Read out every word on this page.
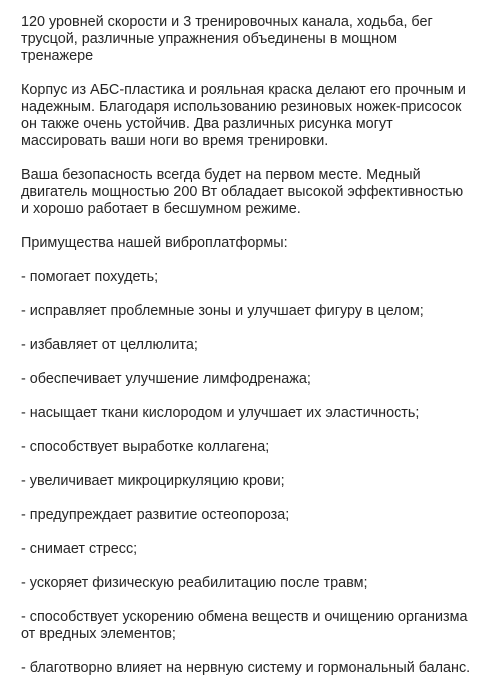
120 уровней скорости и 3 тренировочных канала, ходьба, бег трусцой, различные упражнения объединены в мощном тренажере

Корпус из АБС-пластика и рояльная краска делают его прочным и надежным. Благодаря использованию резиновых ножек-присосок он также очень устойчив. Два различных рисунка могут массировать ваши ноги во время тренировки.

Ваша безопасность всегда будет на первом месте. Медный двигатель мощностью 200 Вт обладает высокой эффективностью и хорошо работает в бесшумном режиме.

Примущества нашей виброплатформы:

- помогает похудеть;
- исправляет проблемные зоны и улучшает фигуру в целом;
- избавляет от целлюлита;
- обеспечивает улучшение лимфодренажа;
- насыщает ткани кислородом и улучшает их эластичность;
- способствует выработке коллагена;
- увеличивает микроциркуляцию крови;
- предупреждает развитие остеопороза;
- снимает стресс;
- ускоряет физическую реабилитацию после травм;
- способствует ускорению обмена веществ и очищению организма от вредных элементов;
- благотворно влияет на нервную систему и гормональный баланс.
